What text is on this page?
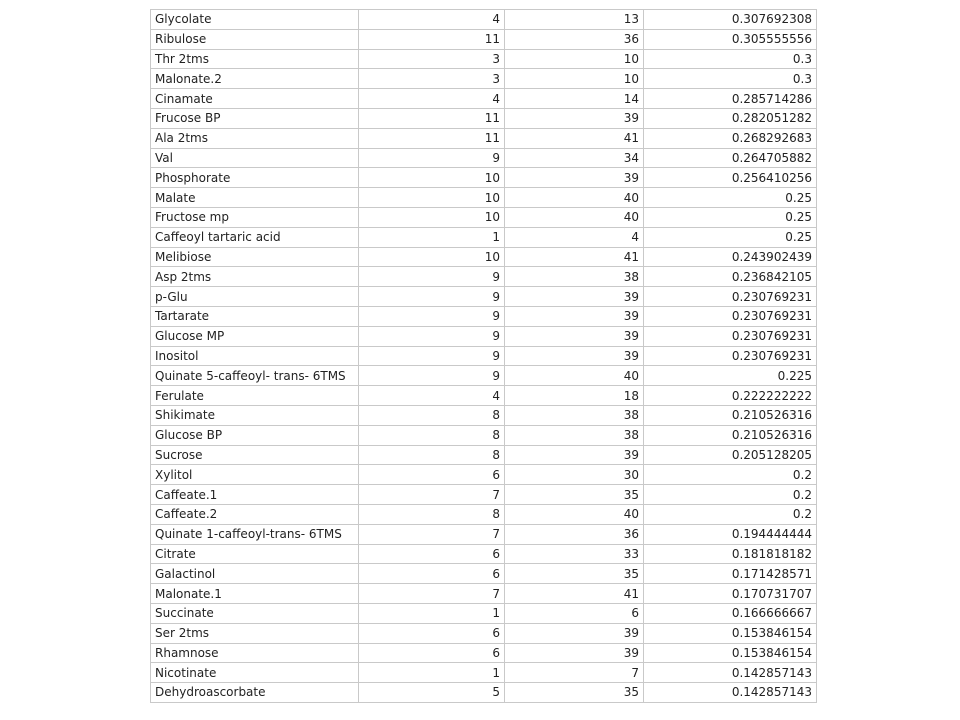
Glycolate	4	13	0.307692308
Ribulose	11	36	0.305555556
Thr 2tms	3	10	0.3
Malonate.2	3	10	0.3
Cinamate	4	14	0.285714286
Frucose BP	11	39	0.282051282
Ala 2tms	11	41	0.268292683
Val	9	34	0.264705882
Phosphorate	10	39	0.256410256
Malate	10	40	0.25
Fructose mp	10	40	0.25
Caffeoyl tartaric acid	1	4	0.25
Melibiose	10	41	0.243902439
Asp 2tms	9	38	0.236842105
p-Glu	9	39	0.230769231
Tartarate	9	39	0.230769231
Glucose MP	9	39	0.230769231
Inositol	9	39	0.230769231
Quinate 5-caffeoyl- trans- 6TMS	9	40	0.225
Ferulate	4	18	0.222222222
Shikimate	8	38	0.210526316
Glucose BP	8	38	0.210526316
Sucrose	8	39	0.205128205
Xylitol	6	30	0.2
Caffeate.1	7	35	0.2
Caffeate.2	8	40	0.2
Quinate 1-caffeoyl-trans- 6TMS	7	36	0.194444444
Citrate	6	33	0.181818182
Galactinol	6	35	0.171428571
Malonate.1	7	41	0.170731707
Succinate	1	6	0.166666667
Ser 2tms	6	39	0.153846154
Rhamnose	6	39	0.153846154
Nicotinate	1	7	0.142857143
Dehydroascorbate	5	35	0.142857143
